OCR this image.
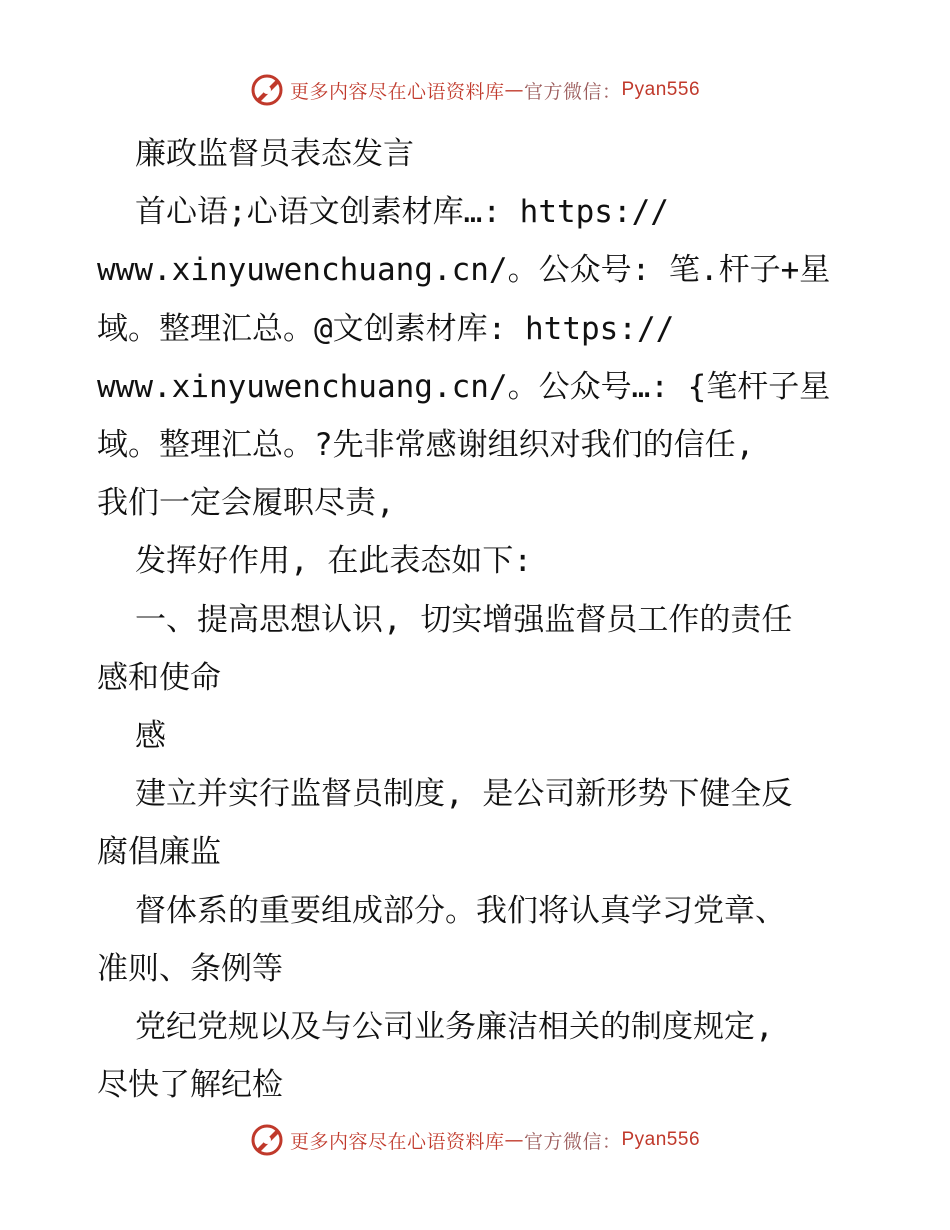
更多内容尽在心语资料库 — 官方微信： Pyan556

廉政监督员表态发言

首心语;心语文创素材库…: https://

www.xinyuwenchuang.cn/。公众号: 笔.杆子+星

域。整理汇总。@文创素材库: https://

www.xinyuwenchuang.cn/。公众号…: {笔杆子星

域。整理汇总。?先非常感谢组织对我们的信任,

我们一定会履职尽责,

发挥好作用, 在此表态如下:

一、提高思想认识, 切实增强监督员工作的责任

感和使命

感

建立并实行监督员制度, 是公司新形势下健全反

腐倡廉监

督体系的重要组成部分。我们将认真学习党章、

准则、条例等

党纪党规以及与公司业务廉洁相关的制度规定,

尽快了解纪检

更多内容尽在心语资料库 — 官方微信： Pyan556
